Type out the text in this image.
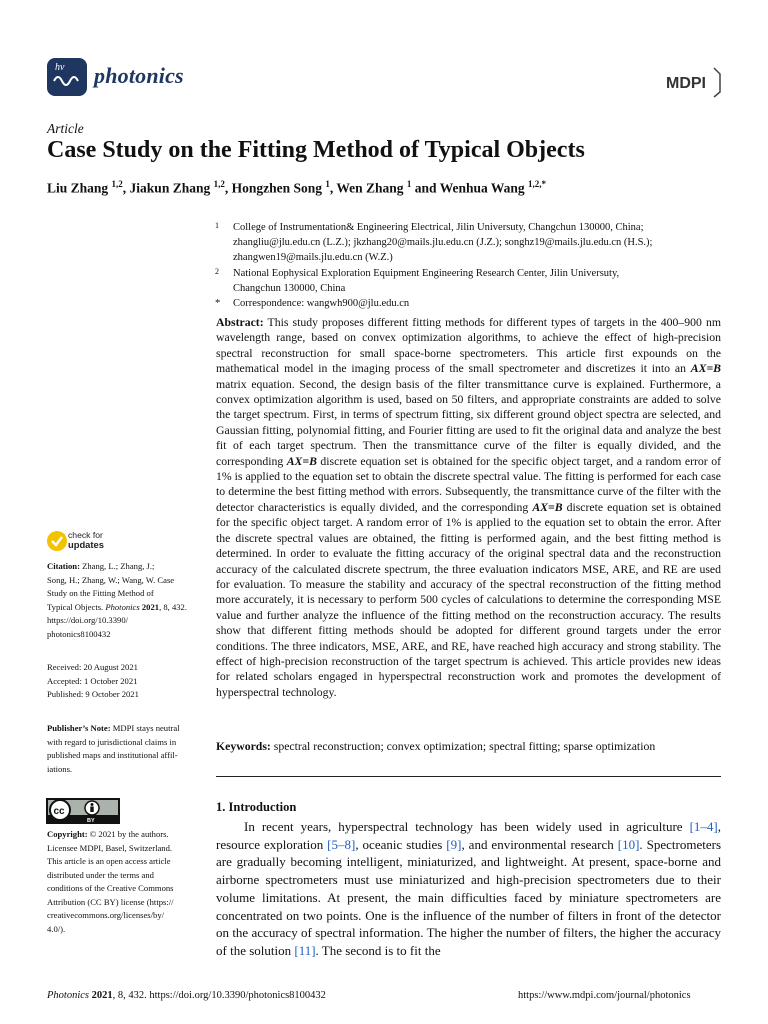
hv photonics	MDPI
Article
Case Study on the Fitting Method of Typical Objects
Liu Zhang $^{1,2}$, Jiakun Zhang $^{1,2}$, Hongzhen Song $^1$, Wen Zhang $^1$ and Wenhua Wang $^{1,2,*}$
1	College of Instrumentation& Engineering Electrical, Jilin Universuty, Changchun 130000, China;
zhangliu@jlu.edu.cn (L.Z.); jkzhang20@mails.jlu.edu.cn (J.Z.); songhz19@mails.jlu.edu.cn (H.S.);
zhangwen19@mails.jlu.edu.cn (W.Z.)
2	National Eophysical Exploration Equipment Engineering Research Center, Jilin Universuty,
Changchun 130000, China
*	Correspondence: wangwh900@jlu.edu.cn
Abstract: This study proposes different fitting methods for different types of targets in the 400–900 nm wavelength range, based on convex optimization algorithms, to achieve the effect of high-precision spectral reconstruction for small space-borne spectrometers. This article first expounds on the mathematical model in the imaging process of the small spectrometer and discretizes it into an AX=B matrix equation. Second, the design basis of the filter transmittance curve is explained. Furthermore, a convex optimization algorithm is used, based on 50 filters, and appropriate constraints are added to solve the target spectrum. First, in terms of spectrum fitting, six different ground object spectra are selected, and Gaussian fitting, polynomial fitting, and Fourier fitting are used to fit the original data and analyze the best fit of each target spectrum. Then the transmittance curve of the filter is equally divided, and the corresponding AX=B discrete equation set is obtained for the specific object target, and a random error of 1% is applied to the equation set to obtain the discrete spectral value. The fitting is performed for each case to determine the best fitting method with errors. Subsequently, the transmittance curve of the filter with the detector characteristics is equally divided, and the corresponding AX=B discrete equation set is obtained for the specific object target. A random error of 1% is applied to the equation set to obtain the error. After the discrete spectral values are obtained, the fitting is performed again, and the best fitting method is determined. In order to evaluate the fitting accuracy of the original spectral data and the reconstruction accuracy of the calculated discrete spectrum, the three evaluation indicators MSE, ARE, and RE are used for evaluation. To measure the stability and accuracy of the spectral reconstruction of the fitting method more accurately, it is necessary to perform 500 cycles of calculations to determine the corresponding MSE value and further analyze the influence of the fitting method on the reconstruction accuracy. The results show that different fitting methods should be adopted for different ground targets under the error conditions. The three indicators, MSE, ARE, and RE, have reached high accuracy and strong stability. The effect of high-precision reconstruction of the target spectrum is achieved. This article provides new ideas for related scholars engaged in hyperspectral reconstruction work and promotes the development of hyperspectral technology.
Keywords: spectral reconstruction; convex optimization; spectral fitting; sparse optimization
check for
updates
Citation: Zhang, L.; Zhang, J.;
Song, H.; Zhang, W.; Wang, W. Case
Study on the Fitting Method of
Typical Objects. Photonics 2021, 8, 432.
https://doi.org/10.3390/
photonics8100432
Received: 20 August 2021
Accepted: 1 October 2021
Published: 9 October 2021
Publisher’s Note: MDPI stays neutral
with regard to jurisdictional claims in
published maps and institutional affil-
iations.
cc
BY
Copyright: © 2021 by the authors.
Licensee MDPI, Basel, Switzerland.
This article is an open access article
distributed under the terms and
conditions of the Creative Commons
Attribution (CC BY) license (https://
creativecommons.org/licenses/by/
4.0/).
1. Introduction
In recent years, hyperspectral technology has been widely used in agriculture [1–4], resource exploration [5–8], oceanic studies [9], and environmental research [10]. Spectrometers are gradually becoming intelligent, miniaturized, and lightweight. At present, space-borne and airborne spectrometers must use miniaturized and high-precision spectrometers due to their volume limitations. At present, the main difficulties faced by miniature spectrometers are concentrated on two points. One is the influence of the number of filters in front of the detector on the accuracy of spectral information. The higher the number of filters, the higher the accuracy of the solution [11]. The second is to fit the
Photonics 2021, 8, 432. https://doi.org/10.3390/photonics8100432	https://www.mdpi.com/journal/photonics
